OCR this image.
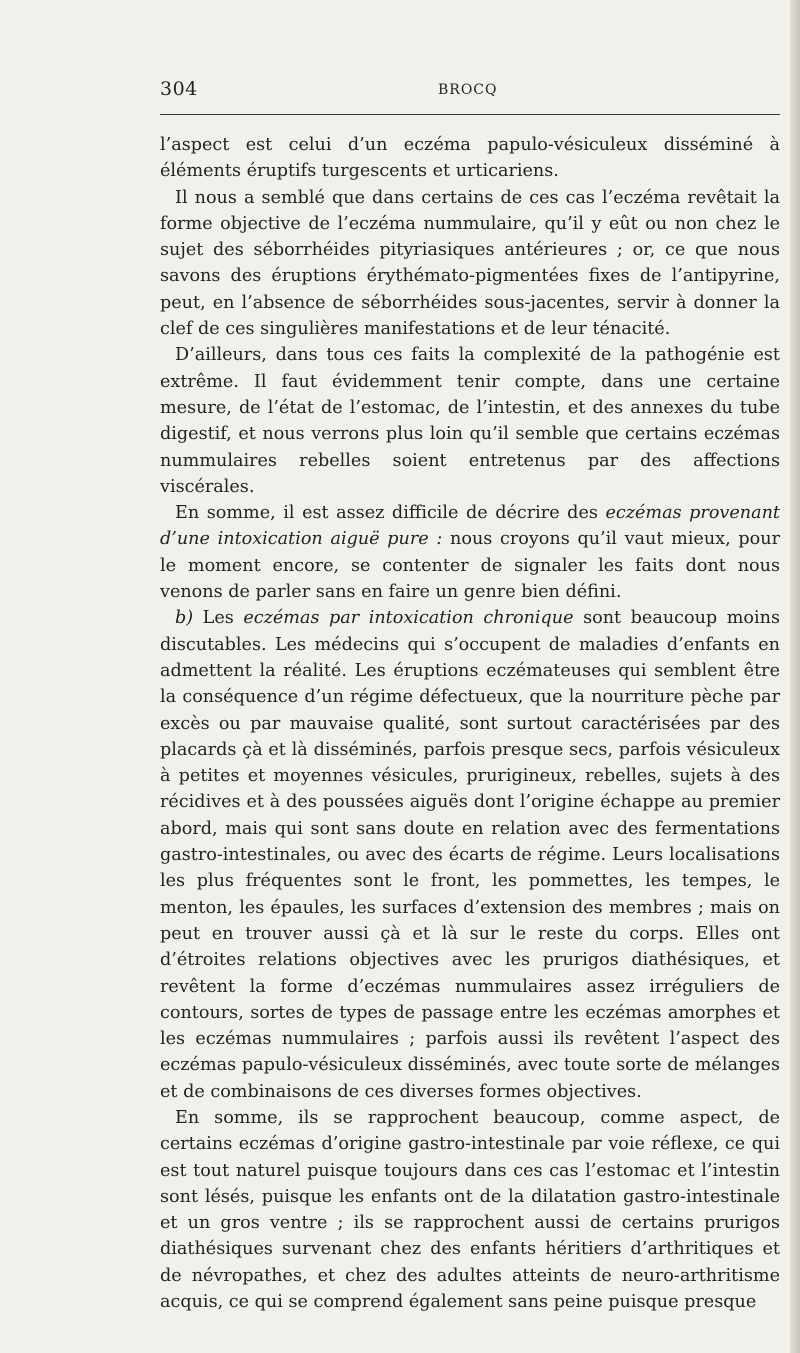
304	BROCQ

l’aspect est celui d’un eczéma papulo-vésiculeux disséminé à éléments éruptifs turgescents et urticariens.

Il nous a semblé que dans certains de ces cas l’eczéma revêtait la forme objective de l’eczéma nummulaire, qu’il y eût ou non chez le sujet des séborrhéides pityriasiques antérieures ; or, ce que nous savons des éruptions érythémato-pigmentées fixes de l’antipyrine, peut, en l’absence de séborrhéides sous-jacentes, servir à donner la clef de ces singulières manifestations et de leur ténacité.

D’ailleurs, dans tous ces faits la complexité de la pathogénie est extrême. Il faut évidemment tenir compte, dans une certaine mesure, de l’état de l’estomac, de l’intestin, et des annexes du tube digestif, et nous verrons plus loin qu’il semble que certains eczémas nummulaires rebelles soient entretenus par des affections viscérales.

En somme, il est assez difficile de décrire des eczémas provenant d’une intoxication aiguë pure : nous croyons qu’il vaut mieux, pour le moment encore, se contenter de signaler les faits dont nous venons de parler sans en faire un genre bien défini.

b) Les eczémas par intoxication chronique sont beaucoup moins discutables. Les médecins qui s’occupent de maladies d’enfants en admettent la réalité. Les éruptions eczémateuses qui semblent être la conséquence d’un régime défectueux, que la nourriture pèche par excès ou par mauvaise qualité, sont surtout caractérisées par des placards çà et là disséminés, parfois presque secs, parfois vésiculeux à petites et moyennes vésicules, prurigineux, rebelles, sujets à des récidives et à des poussées aiguës dont l’origine échappe au premier abord, mais qui sont sans doute en relation avec des fermentations gastro-intestinales, ou avec des écarts de régime. Leurs localisations les plus fréquentes sont le front, les pommettes, les tempes, le menton, les épaules, les surfaces d’extension des membres ; mais on peut en trouver aussi çà et là sur le reste du corps. Elles ont d’étroites relations objectives avec les prurigos diathésiques, et revêtent la forme d’eczémas nummulaires assez irréguliers de contours, sortes de types de passage entre les eczémas amorphes et les eczémas nummulaires ; parfois aussi ils revêtent l’aspect des eczémas papulo-vésiculeux disséminés, avec toute sorte de mélanges et de combinaisons de ces diverses formes objectives.

En somme, ils se rapprochent beaucoup, comme aspect, de certains eczémas d’origine gastro-intestinale par voie réflexe, ce qui est tout naturel puisque toujours dans ces cas l’estomac et l’intestin sont lésés, puisque les enfants ont de la dilatation gastro-intestinale et un gros ventre ; ils se rapprochent aussi de certains prurigos diathésiques survenant chez des enfants héritiers d’arthritiques et de névropathes, et chez des adultes atteints de neuro-arthritisme acquis, ce qui se comprend également sans peine puisque presque
